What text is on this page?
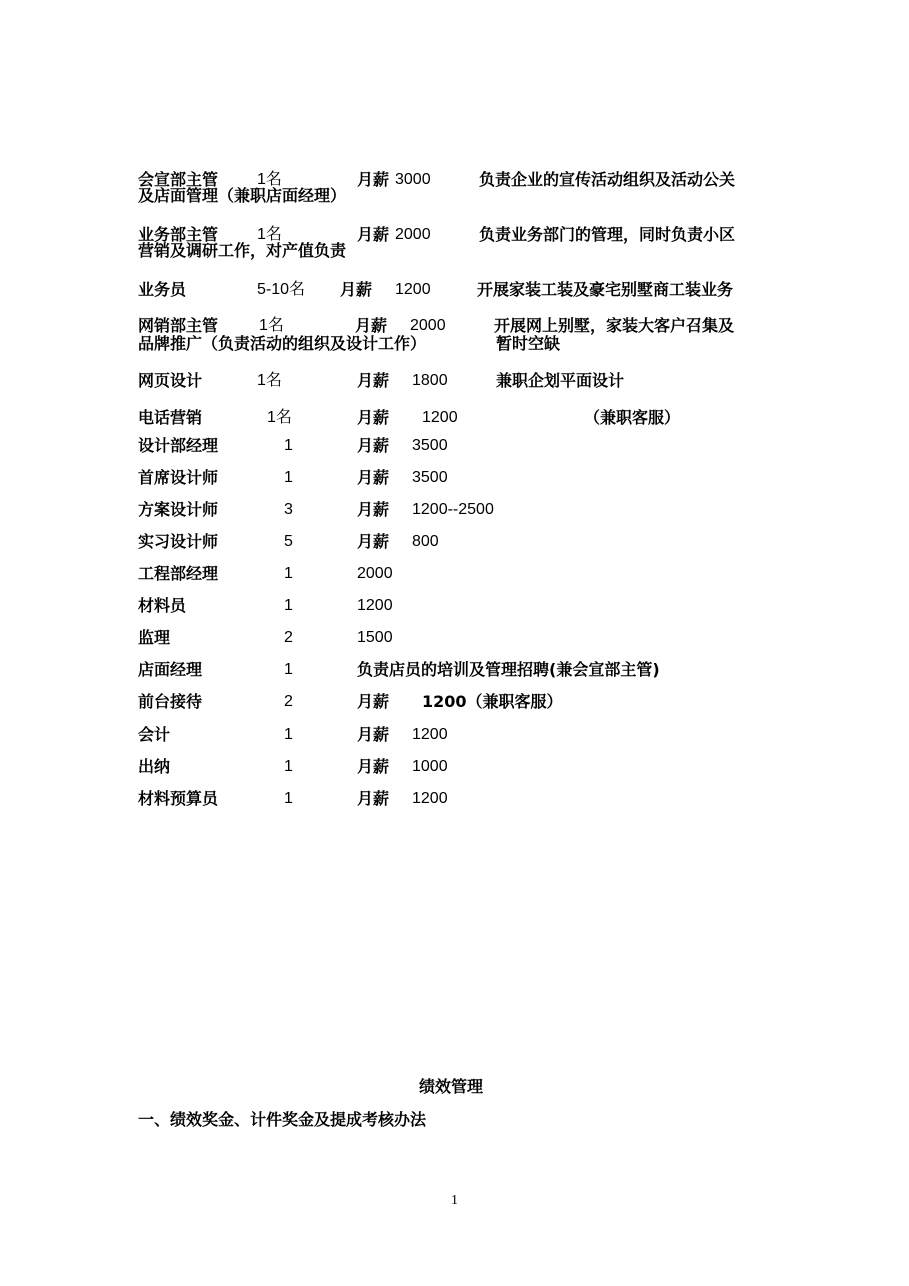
会宣部主管 1名	月薪 3000	负责企业的宣传活动组织及活动公关
及店面管理（兼职店面经理）
业务部主管 1名	月薪 2000	负责业务部门的管理，同时负责小区
营销及调研工作，对产值负责
业务员	5-10名 月薪 1200	开展家装工装及豪宅别墅商工装业务
网销部主管	1名	月薪 2000	开展网上别墅，家装大客户召集及
品牌推广（负责活动的组织及设计工作）	暂时空缺
网页设计	1名	月薪 1800	兼职企划平面设计
电话营销	1名	月薪 1200	（兼职客服）
设计部经理	1	月薪 3500
首席设计师	1	月薪 3500
方案设计师	3	月薪 1200--2500
实习设计师	5	月薪 800
工程部经理	1	2000
材料员	1	1200
监理	2	1500
店面经理	1	负责店员的培训及管理招聘(兼会宣部主管)
前台接待	2	月薪 1200（兼职客服）
会计	1	月薪 1200
出纳	1	月薪 1000
材料预算员	1	月薪 1200
绩效管理
一、绩效奖金、计件奖金及提成考核办法
1
